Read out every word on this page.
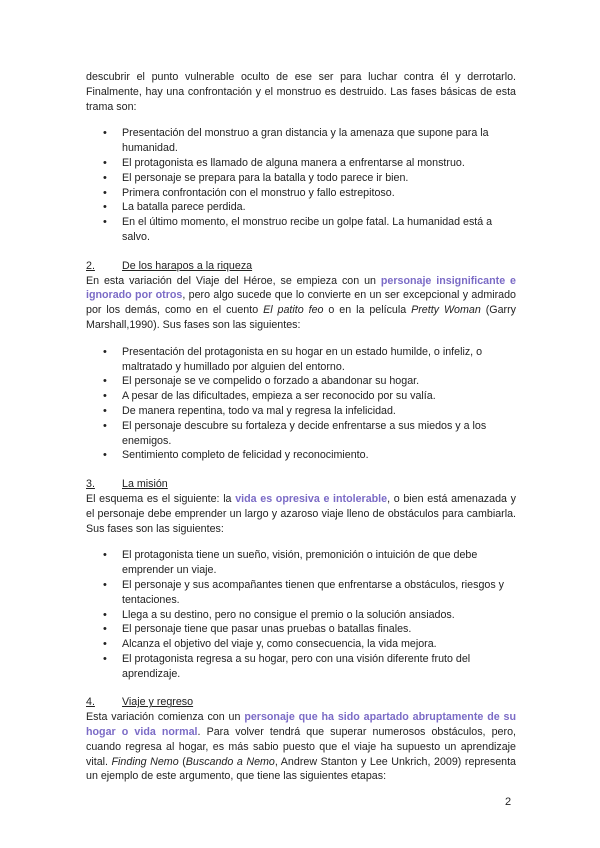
descubrir el punto vulnerable oculto de ese ser para luchar contra él y derrotarlo. Finalmente, hay una confrontación y el monstruo es destruido. Las fases básicas de esta trama son:

• Presentación del monstruo a gran distancia y la amenaza que supone para la humanidad.
• El protagonista es llamado de alguna manera a enfrentarse al monstruo.
• El personaje se prepara para la batalla y todo parece ir bien.
• Primera confrontación con el monstruo y fallo estrepitoso.
• La batalla parece perdida.
• En el último momento, el monstruo recibe un golpe fatal. La humanidad está a salvo.
2.	De los harapos a la riqueza

En esta variación del Viaje del Héroe, se empieza con un personaje insignificante e ignorado por otros, pero algo sucede que lo convierte en un ser excepcional y admirado por los demás, como en el cuento El patito feo o en la película Pretty Woman (Garry Marshall,1990). Sus fases son las siguientes:

• Presentación del protagonista en su hogar en un estado humilde, o infeliz, o maltratado y humillado por alguien del entorno.
• El personaje se ve compelido o forzado a abandonar su hogar.
• A pesar de las dificultades, empieza a ser reconocido por su valía.
• De manera repentina, todo va mal y regresa la infelicidad.
• El personaje descubre su fortaleza y decide enfrentarse a sus miedos y a los enemigos.
• Sentimiento completo de felicidad y reconocimiento.
3.	La misión

El esquema es el siguiente: la vida es opresiva e intolerable, o bien está amenazada y el personaje debe emprender un largo y azaroso viaje lleno de obstáculos para cambiarla. Sus fases son las siguientes:

• El protagonista tiene un sueño, visión, premonición o intuición de que debe emprender un viaje.
• El personaje y sus acompañantes tienen que enfrentarse a obstáculos, riesgos y tentaciones.
• Llega a su destino, pero no consigue el premio o la solución ansiados.
• El personaje tiene que pasar unas pruebas o batallas finales.
• Alcanza el objetivo del viaje y, como consecuencia, la vida mejora.
• El protagonista regresa a su hogar, pero con una visión diferente fruto del aprendizaje.
4.	Viaje y regreso

Esta variación comienza con un personaje que ha sido apartado abruptamente de su hogar o vida normal. Para volver tendrá que superar numerosos obstáculos, pero, cuando regresa al hogar, es más sabio puesto que el viaje ha supuesto un aprendizaje vital. Finding Nemo (Buscando a Nemo, Andrew Stanton y Lee Unkrich, 2009) representa un ejemplo de este argumento, que tiene las siguientes etapas:

2
